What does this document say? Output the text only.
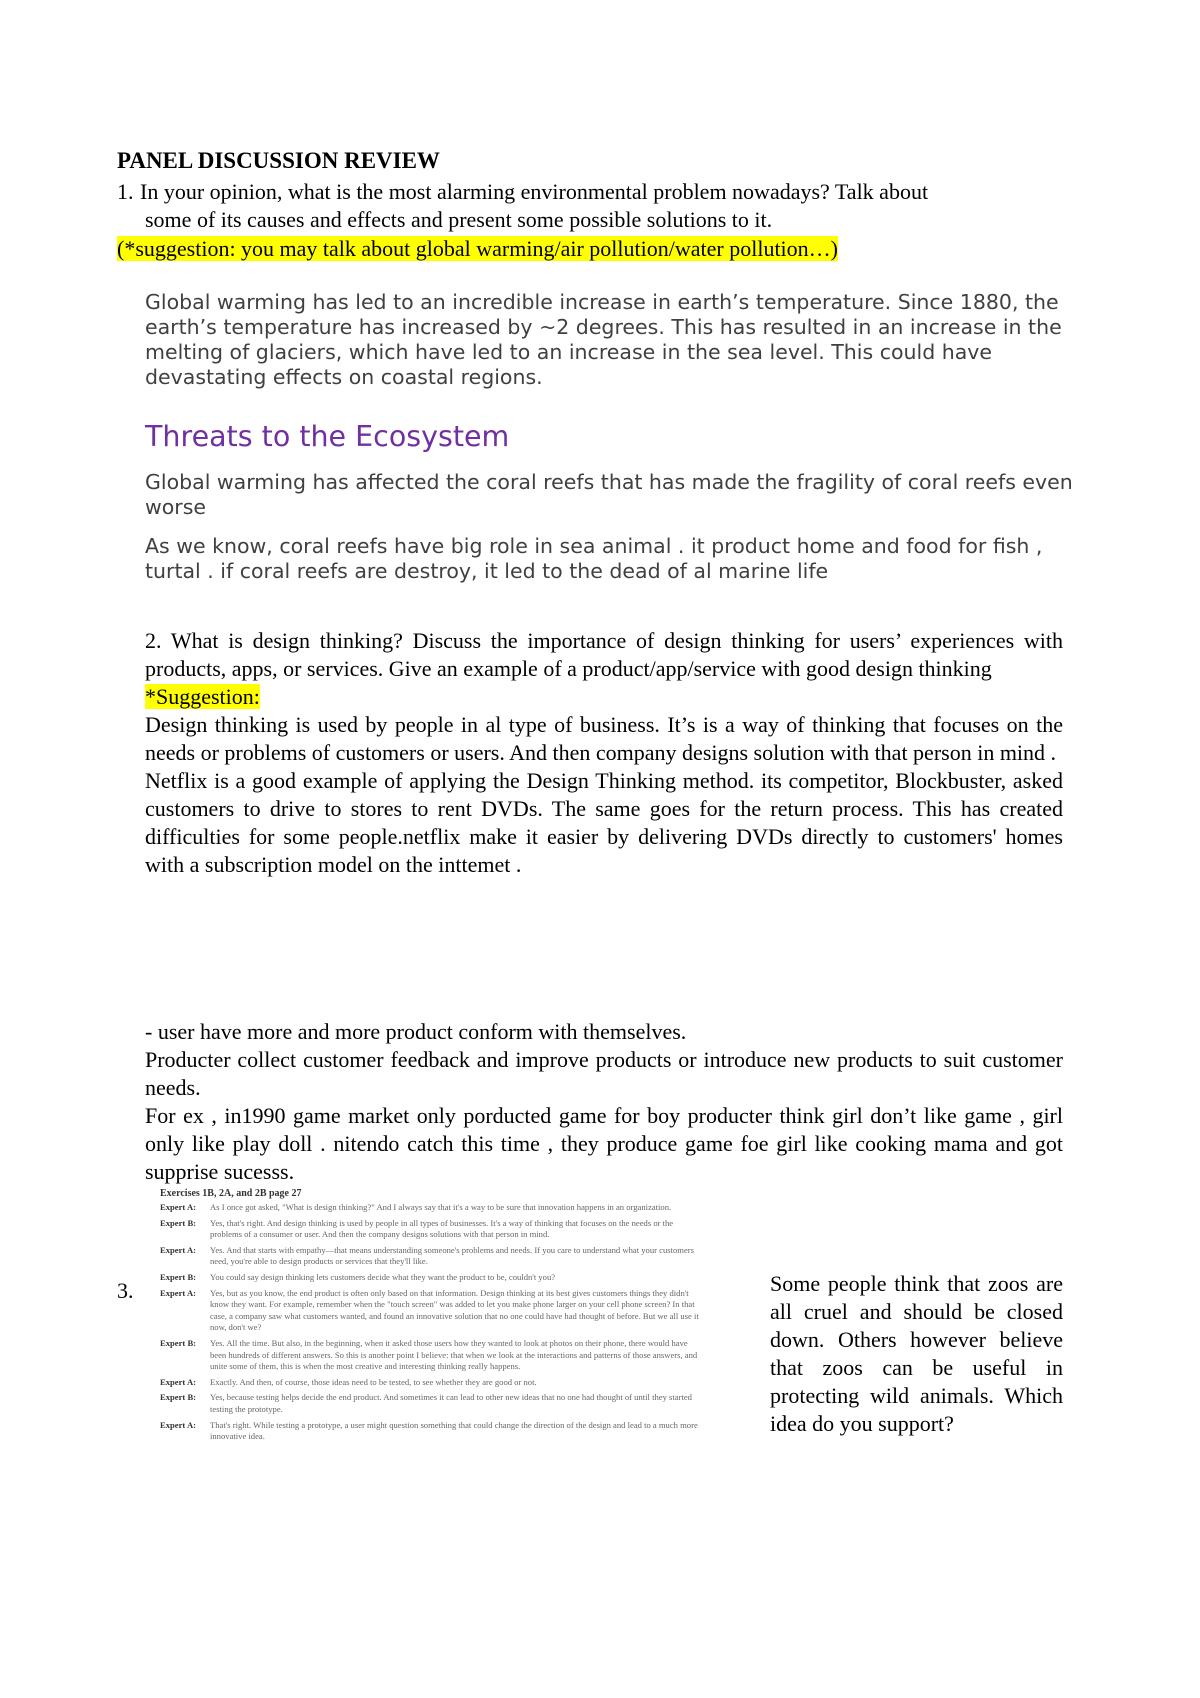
PANEL DISCUSSION REVIEW
1. In your opinion, what is the most alarming environmental problem nowadays? Talk about
some of its causes and effects and present some possible solutions to it.
(*suggestion: you may talk about global warming/air pollution/water pollution…)
Global warming has led to an incredible increase in earth’s temperature. Since 1880, the earth’s temperature has increased by ~2 degrees. This has resulted in an increase in the melting of glaciers, which have led to an increase in the sea level. This could have devastating effects on coastal regions.
Threats to the Ecosystem
Global warming has affected the coral reefs that has made the fragility of coral reefs even worse
As we know, coral reefs have big role in sea animal . it product home and food for fish , turtal . if coral reefs are destroy, it led to the dead of al marine life

2. What is design thinking? Discuss the importance of design thinking for users’ experiences with products, apps, or services. Give an example of a product/app/service with good design thinking

*Suggestion:

Design thinking is used by people in al type of business. It’s is a way of thinking that focuses on the needs or problems of customers or users. And then company designs solution with that person in mind .

Netflix is a good example of applying the Design Thinking method. its competitor, Blockbuster, asked customers to drive to stores to rent DVDs. The same goes for the return process. This has created difficulties for some people.netflix make it easier by delivering DVDs directly to customers' homes with a subscription model on the inttemet .

- user have more and more product conform with themselves.

Producter collect customer feedback and improve products or introduce new products to suit customer needs.

For ex , in1990 game market only porducted game for boy producter think girl don’t like game , girl only like play doll . nitendo catch this time , they produce game foe girl like cooking mama and got supprise sucesss.

Exercises 1B, 2A, and 2B page 27
Expert A:	As I once got asked, "What is design thinking?" And I always say that it's a way to be sure that innovation happens in an organization.
Expert B:	Yes, that's right. And design thinking is used by people in all types of businesses. It's a way of thinking that focuses on the needs or the problems of a consumer or user. And then the company designs solutions with that person in mind.
Expert A:	Yes. And that starts with empathy—that means understanding someone's problems and needs. If you care to understand what your customers need, you're able to design products or services that they'll like.
Expert B:	You could say design thinking lets customers decide what they want the product to be, couldn't you?
Expert A:	Yes, but as you know, the end product is often only based on that information. Design thinking at its best gives customers things they didn't know they want. For example, remember when the "touch screen" was added to let you make phone larger on your cell phone screen? In that case, a company saw what customers wanted, and found an innovative solution that no one could have had thought of before. But we all use it now, don't we?
Expert B:	Yes. All the time. But also, in the beginning, when it asked those users how they wanted to look at photos on their phone, there would have been hundreds of different answers. So this is another point I believe: that when we look at the interactions and patterns of those answers, and unite some of them, this is when the most creative and interesting thinking really happens.
Expert A:	Exactly. And then, of course, those ideas need to be tested, to see whether they are good or not.
Expert B:	Yes, because testing helps decide the end product. And sometimes it can lead to other new ideas that no one had thought of until they started testing the prototype.
Expert A:	That's right. While testing a prototype, a user might question something that could change the direction of the design and lead to a much more innovative idea.
3.	Some people think that zoos are all cruel and should be closed down. Others however believe that zoos can be useful in protecting wild animals. Which idea do you support?
